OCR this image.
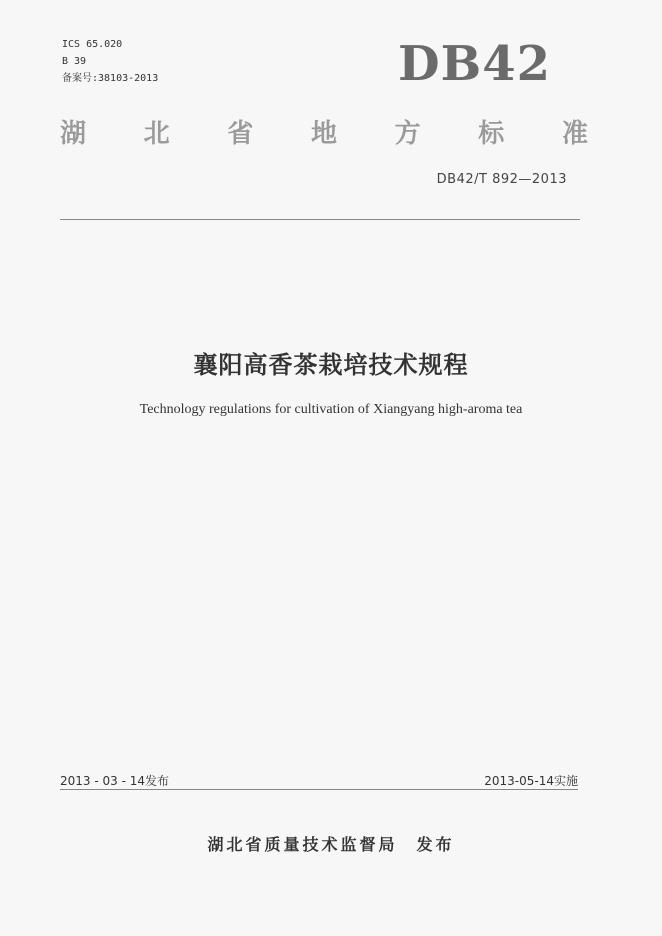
ICS 65.020
B 39
备案号:38103-2013	DB42
湖 北 省 地 方 标 准
DB42/T 892—2013
襄阳高香茶栽培技术规程
Technology regulations for cultivation of Xiangyang high-aroma tea
2013 - 03 - 14发布	2013-05-14实施
湖北省质量技术监督局　发布
